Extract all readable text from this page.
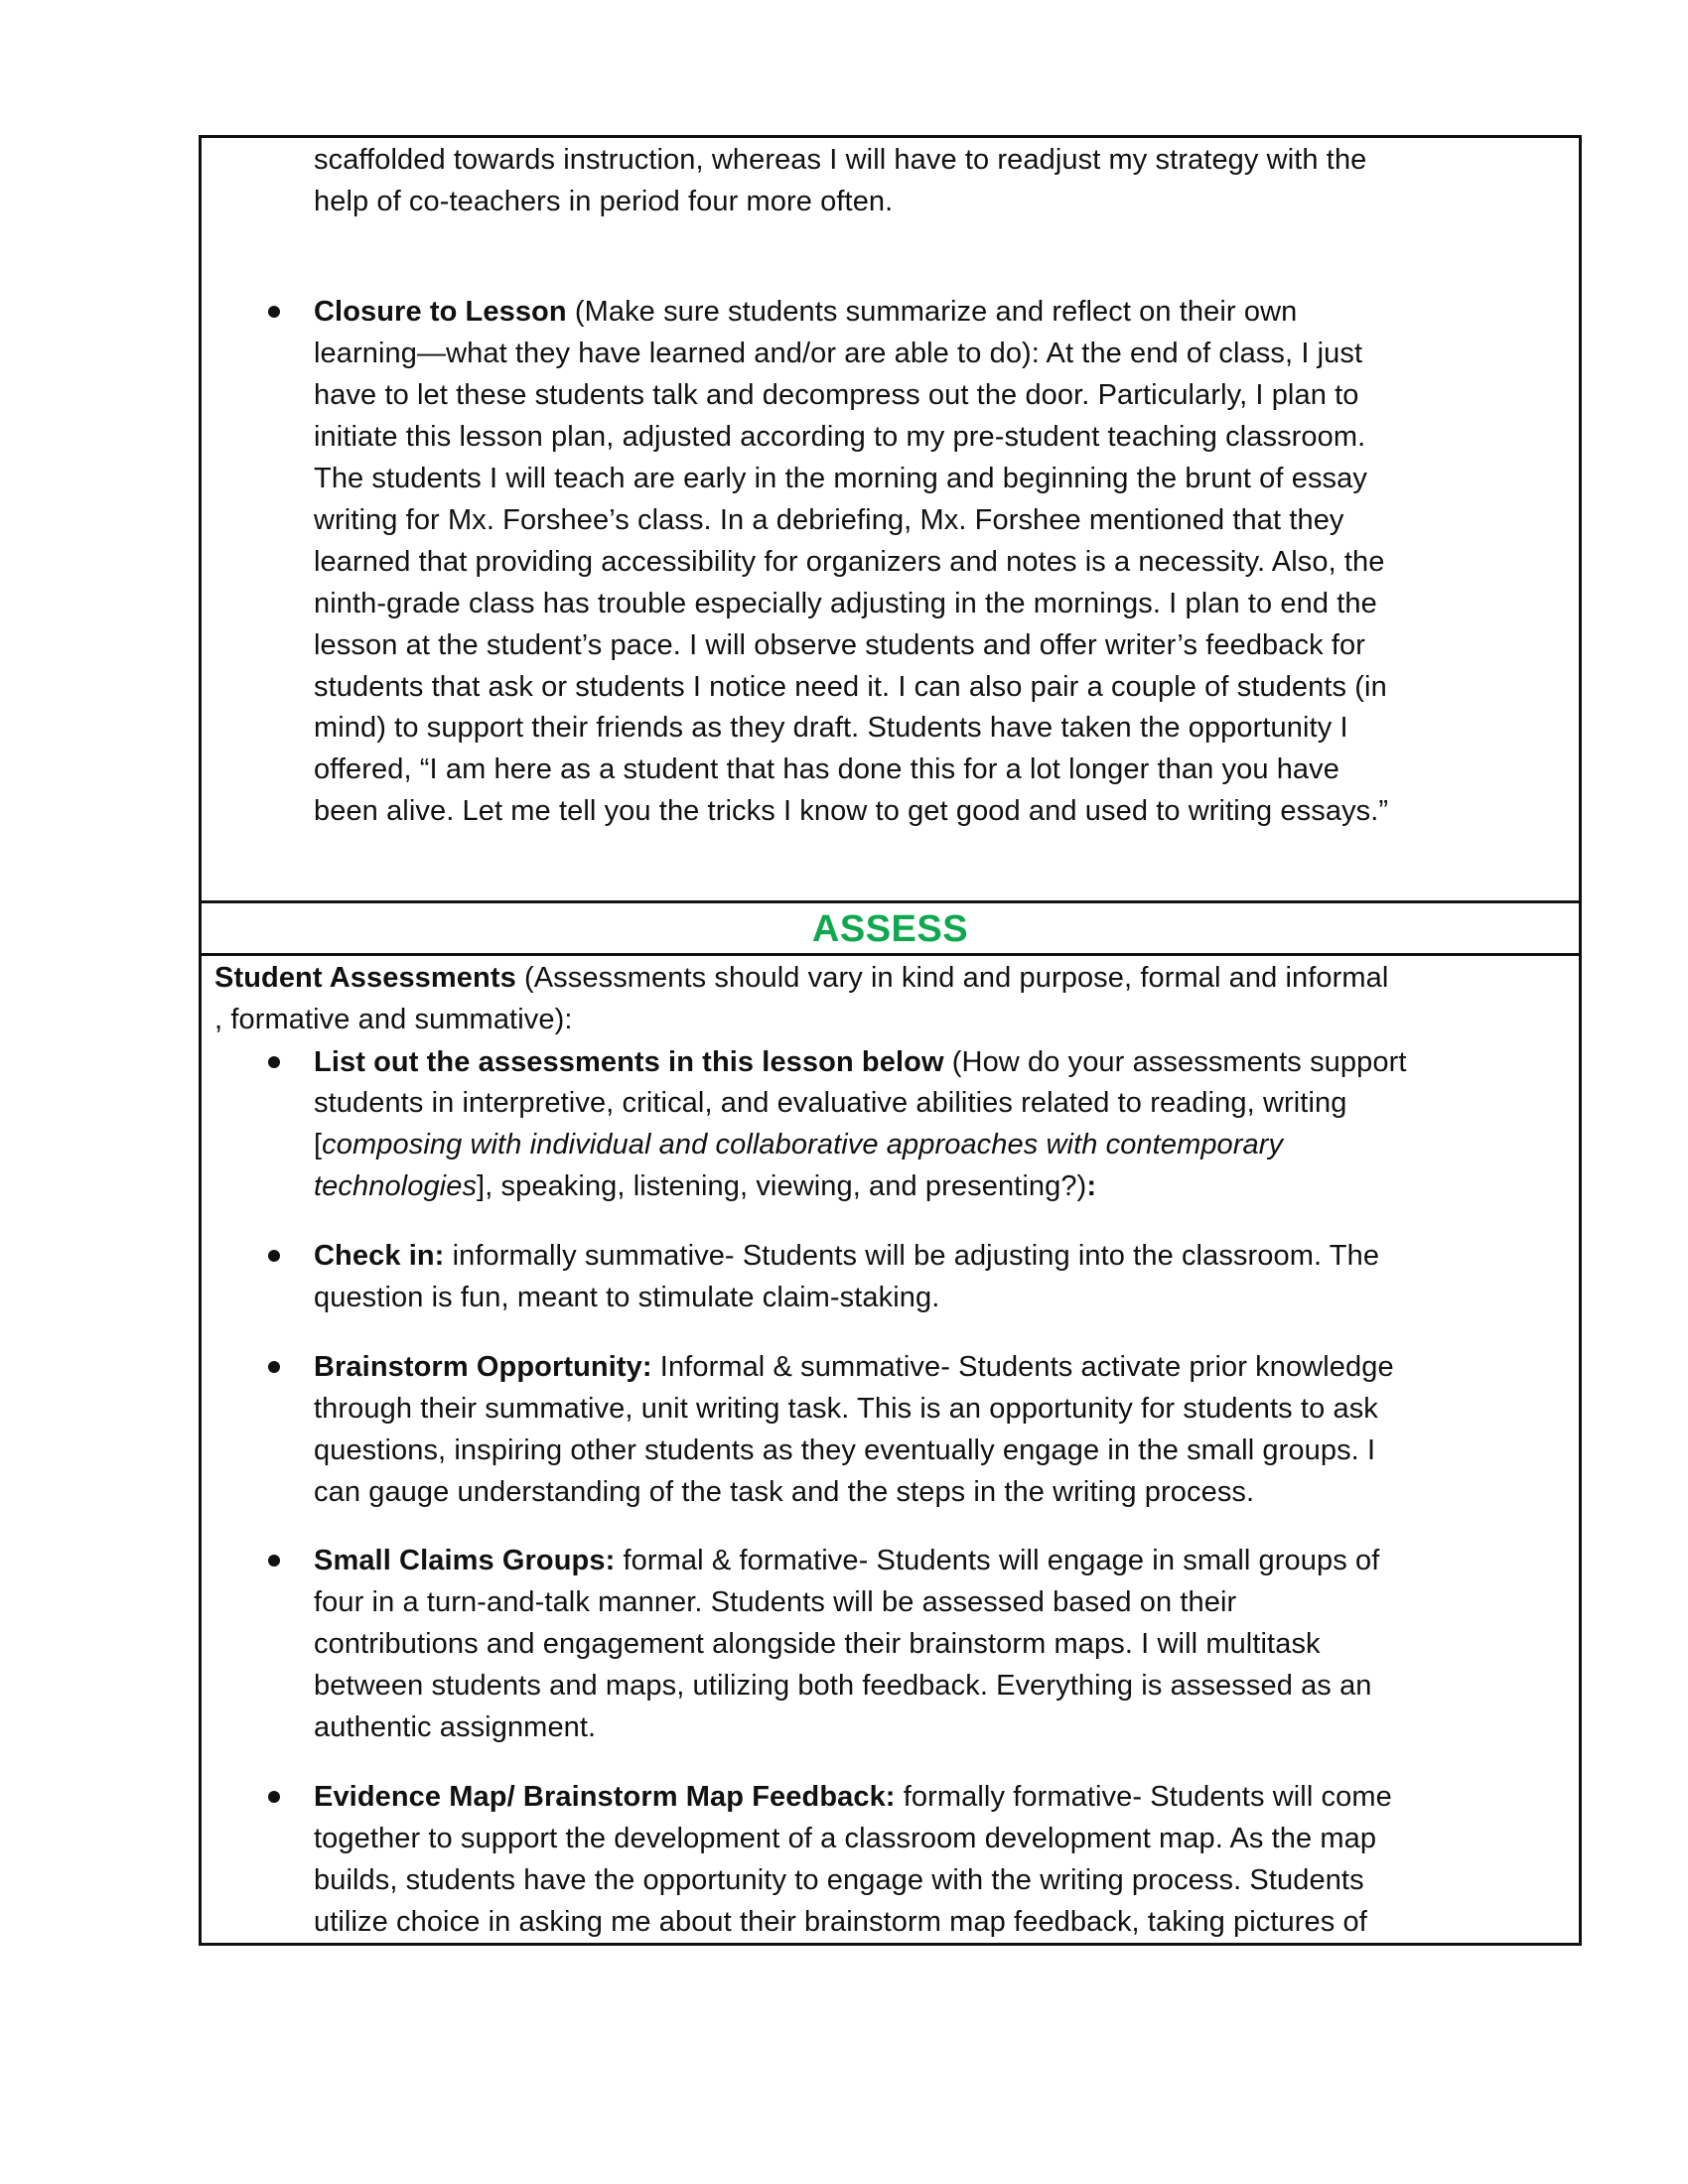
scaffolded towards instruction, whereas I will have to readjust my strategy with the
help of co-teachers in period four more often.
Closure to Lesson (Make sure students summarize and reflect on their own
learning—what they have learned and/or are able to do): At the end of class, I just
have to let these students talk and decompress out the door. Particularly, I plan to
initiate this lesson plan, adjusted according to my pre-student teaching classroom.
The students I will teach are early in the morning and beginning the brunt of essay
writing for Mx. Forshee’s class. In a debriefing, Mx. Forshee mentioned that they
learned that providing accessibility for organizers and notes is a necessity. Also, the
ninth-grade class has trouble especially adjusting in the mornings. I plan to end the
lesson at the student’s pace. I will observe students and offer writer’s feedback for
students that ask or students I notice need it. I can also pair a couple of students (in
mind) to support their friends as they draft. Students have taken the opportunity I
offered, “I am here as a student that has done this for a lot longer than you have
been alive. Let me tell you the tricks I know to get good and used to writing essays.”
ASSESS
Student Assessments (Assessments should vary in kind and purpose, formal and informal
, formative and summative):
List out the assessments in this lesson below (How do your assessments support
students in interpretive, critical, and evaluative abilities related to reading, writing
[composing with individual and collaborative approaches with contemporary
technologies], speaking, listening, viewing, and presenting?):
Check in: informally summative- Students will be adjusting into the classroom. The
question is fun, meant to stimulate claim-staking.
Brainstorm Opportunity: Informal & summative- Students activate prior knowledge
through their summative, unit writing task. This is an opportunity for students to ask
questions, inspiring other students as they eventually engage in the small groups. I
can gauge understanding of the task and the steps in the writing process.
Small Claims Groups: formal & formative- Students will engage in small groups of
four in a turn-and-talk manner. Students will be assessed based on their
contributions and engagement alongside their brainstorm maps. I will multitask
between students and maps, utilizing both feedback. Everything is assessed as an
authentic assignment.
Evidence Map/ Brainstorm Map Feedback: formally formative- Students will come
together to support the development of a classroom development map. As the map
builds, students have the opportunity to engage with the writing process. Students
utilize choice in asking me about their brainstorm map feedback, taking pictures of
